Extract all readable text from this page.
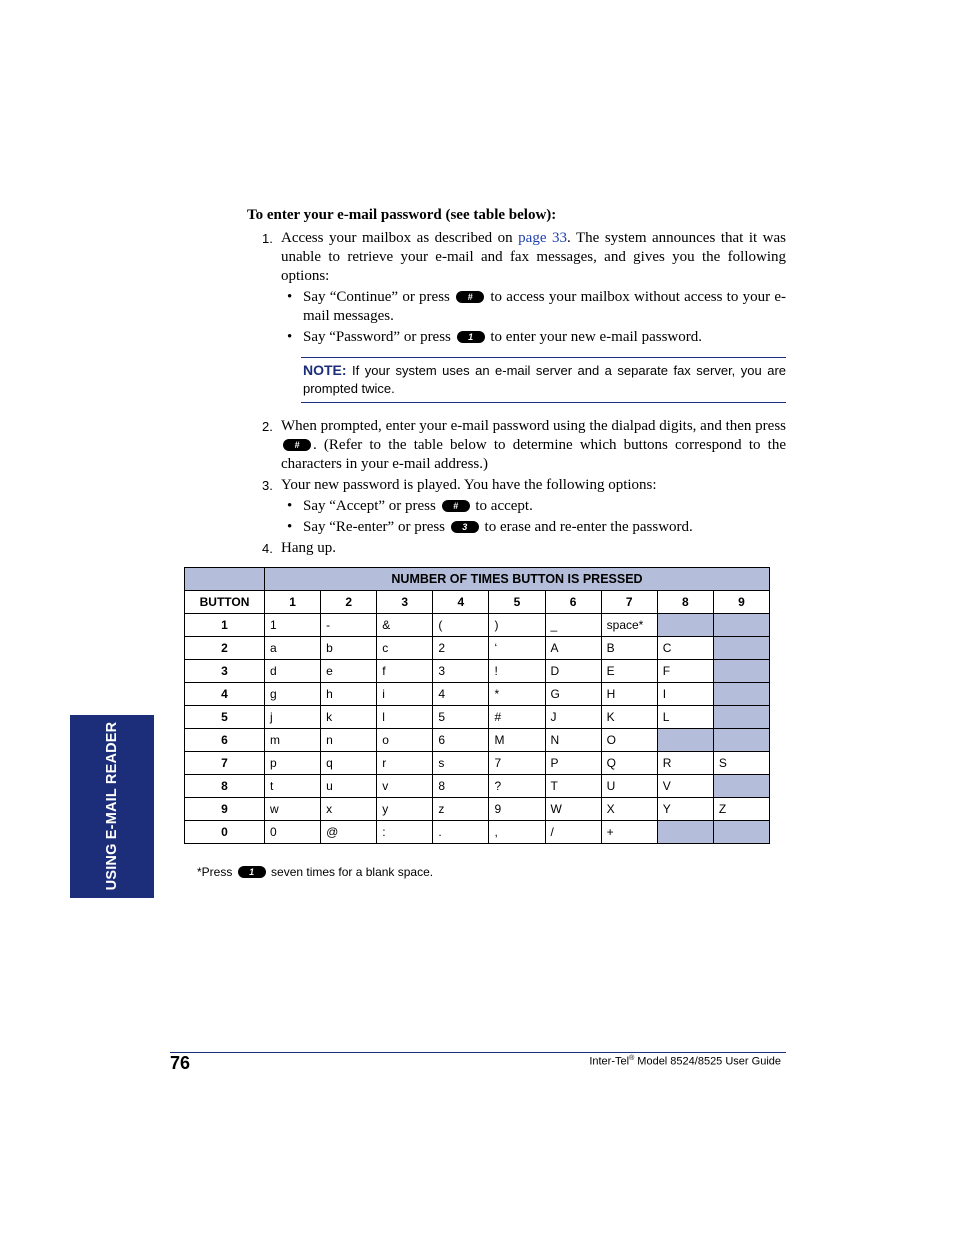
USING E-MAIL READER

To enter your e-mail password (see table below):

1. Access your mailbox as described on page 33. The system announces that it was unable to retrieve your e-mail and fax messages, and gives you the following options:
• Say “Continue” or press # to access your mailbox without access to your e-mail messages.
• Say “Password” or press 1 to enter your new e-mail password.
NOTE: If your system uses an e-mail server and a separate fax server, you are prompted twice.
2. When prompted, enter your e-mail password using the dialpad digits, and then press # . (Refer to the table below to determine which buttons correspond to the characters in your e-mail address.)
3. Your new password is played. You have the following options:
• Say “Accept” or press # to accept.
• Say “Re-enter” or press 3 to erase and re-enter the password.
4. Hang up.
	NUMBER OF TIMES BUTTON IS PRESSED								
BUTTON	1	2	3	4	5	6	7	8	9
1	1	-	&	(	)	_	space*		
2	a	b	c	2	‘	A	B	C	
3	d	e	f	3	!	D	E	F	
4	g	h	i	4	*	G	H	I	
5	j	k	l	5	#	J	K	L	
6	m	n	o	6	M	N	O		
7	p	q	r	s	7	P	Q	R	S
8	t	u	v	8	?	T	U	V	
9	w	x	y	z	9	W	X	Y	Z
0	0	@	:	.	,	/	+		
*Press 1 seven times for a blank space.
76	Inter-Tel® Model 8524/8525 User Guide
